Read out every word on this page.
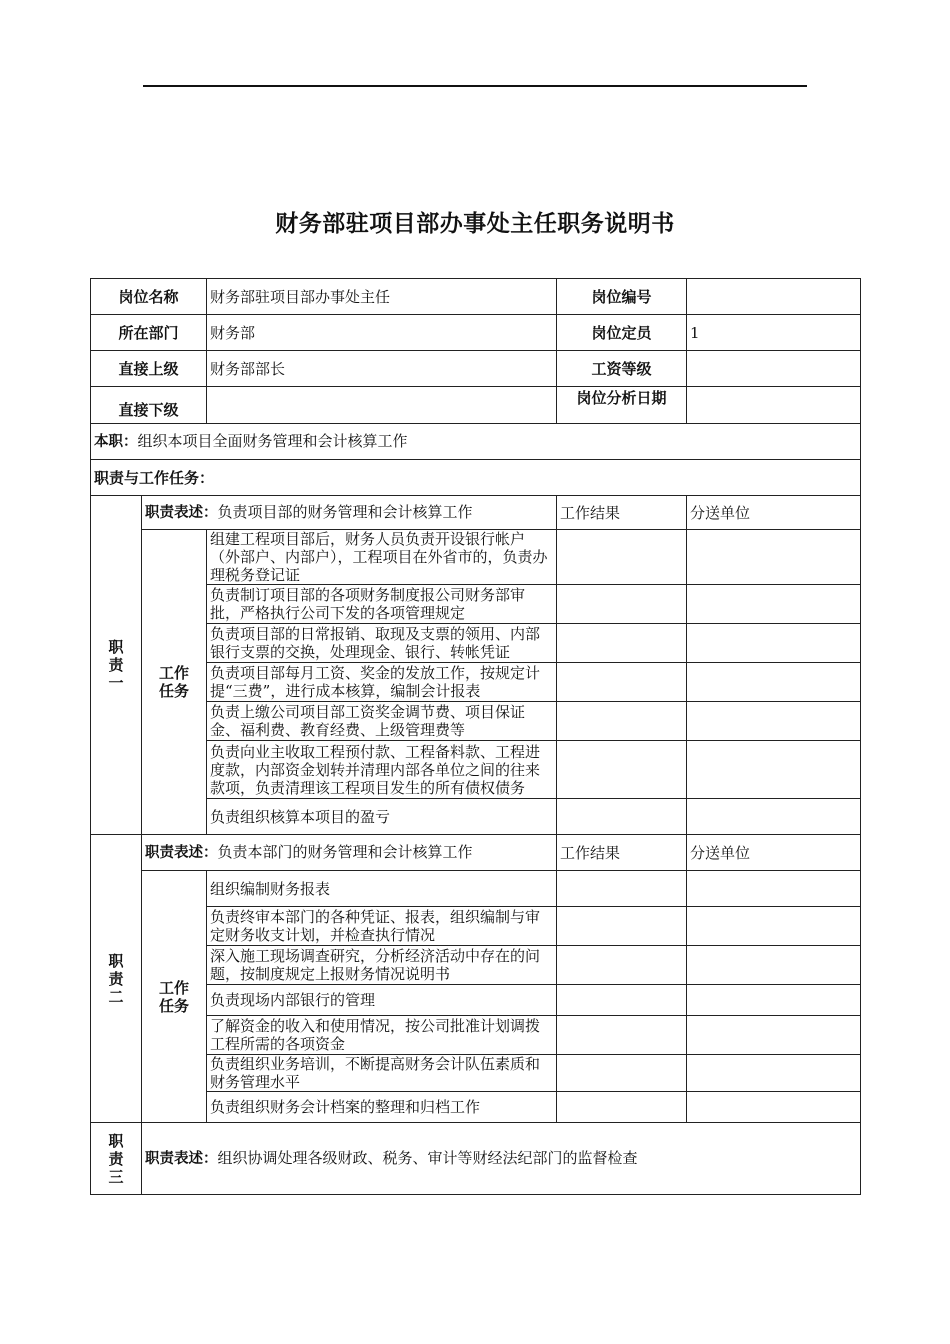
财务部驻项目部办事处主任职务说明书
岗位名称		财务部驻项目部办事处主任	岗位编号	
所在部门		财务部	岗位定员	1
直接上级		财务部部长	工资等级	
直接下级			岗位分析日期	
本职：组织本项目全面财务管理和会计核算工作				
职责与工作任务：				

职
责
一	职责表述：负责项目部的财务管理和会计核算工作		工作结果	分送单位

	工作
任务	组建工程项目部后，财务人员负责开设银行帐户（外部户、内部户），工程项目在外省市的，负责办理税务登记证		
		负责制订项目部的各项财务制度报公司财务部审批，严格执行公司下发的各项管理规定		
		负责项目部的日常报销、取现及支票的领用、内部银行支票的交换，处理现金、银行、转帐凭证		
		负责项目部每月工资、奖金的发放工作，按规定计提“三费”，进行成本核算，编制会计报表		
		负责上缴公司项目部工资奖金调节费、项目保证金、福利费、教育经费、上级管理费等		
		负责向业主收取工程预付款、工程备料款、工程进度款，内部资金划转并清理内部各单位之间的往来款项，负责清理该工程项目发生的所有债权债务		
		负责组织核算本项目的盈亏		

职
责
二	职责表述：负责本部门的财务管理和会计核算工作		工作结果	分送单位

	工作
任务	组织编制财务报表		
		负责终审本部门的各种凭证、报表，组织编制与审定财务收支计划，并检查执行情况		
		深入施工现场调查研究，分析经济活动中存在的问题，按制度规定上报财务情况说明书		
		负责现场内部银行的管理		
		了解资金的收入和使用情况，按公司批准计划调拨工程所需的各项资金		
		负责组织业务培训，不断提高财务会计队伍素质和财务管理水平		
		负责组织财务会计档案的整理和归档工作		

职
责
三	职责表述：组织协调处理各级财政、税务、审计等财经法纪部门的监督检查			
